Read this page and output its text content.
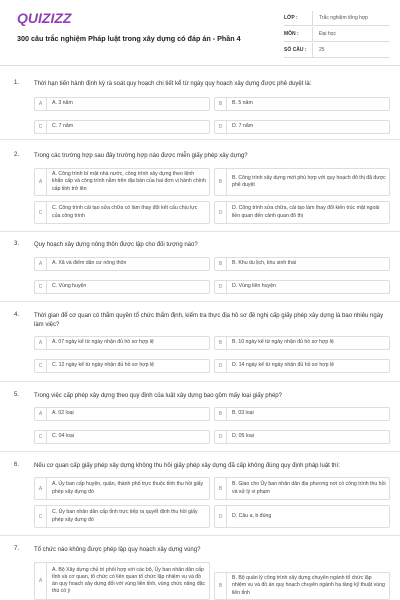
QUIZIZZ
300 câu trắc nghiệm Pháp luật trong xây dựng có đáp án - Phần 4
LỚP :	Trắc nghiệm tổng hợp
MÔN :	Đại học
SỐ CÂU :	25
1. Thời hạn tiến hành định kỳ rà soát quy hoạch chi tiết kể từ ngày quy hoạch xây dựng được phê duyệt là:
A	A. 3 năm	B	B. 5 năm
C	C. 7 năm	D	D. 7 năm
2. Trong các trường hợp sau đây trường hợp nào được miễn giấy phép xây dựng?
A
A. Công trình bí mật nhà nước, công trình xây dựng theo lệnh khẩn cấp và công trình nằm trên địa bàn của hai đơn vị hành chính cấp tỉnh trở lên
B
B. Công trình xây dựng mới phù hợp với quy hoạch đô thị đã được phê duyệt
C
C. Công trình cải tạo sửa chữa có làm thay đổi kết cấu chịu lực của công trình	D
D. Công trình sửa chữa, cải tạo làm thay đổi kiến trúc mặt ngoài liền quan đến cảnh quan đô thị
3. Quy hoạch xây dựng nông thôn được lập cho đối tượng nào?
A	A. Xã và điểm dân cư nông thôn	B	B. Khu du lịch, khu sinh thái
C	C. Vùng huyện	D	D. Vùng liên huyện
4. Thời gian để cơ quan có thẩm quyền tổ chức thẩm định, kiểm tra thực địa hồ sơ đề nghị cấp giấy phép xây dựng là bao nhiêu ngày làm việc?
A	A. 07 ngày kể từ ngày nhận đủ hồ sơ hợp lệ	B	B. 10 ngày kể từ ngày nhận đủ hồ sơ hợp lệ
C	C. 12 ngày kể từ ngày nhận đủ hồ sơ hợp lệ	D	D. 14 ngày kể từ ngày nhận đủ hồ sơ hợp lệ
5. Trong việc cấp phép xây dựng theo quy định của luật xây dựng bao gồm mấy loại giấy phép?
A	A. 02 loại	B	B. 03 loại
C	C. 04 loại	D	D. 05 loại
6. Nếu cơ quan cấp giấy phép xây dựng không thu hồi giấy phép xây dựng đã cấp không đúng quy định pháp luật thì:
A
A. Ủy ban cấp huyện, quận, thành phố trực thuộc tỉnh thu hồi giấy phép xây dựng đó	B
B. Giao cho Ủy ban nhân dân địa phương nơi có công trình thu hồi và xử lý vi phạm
C
C. Ủy ban nhân dân cấp tỉnh trực tiếp ra quyết định thu hồi giấy phép xây dựng đó	D	D. Câu a, b đúng
7. Tổ chức nào không được phép lập quy hoạch xây dựng vùng?
A
A. Bộ Xây dựng chủ trì phối hợp với các bộ, Ủy ban nhân dân cấp tỉnh và cơ quan, tổ chức có liên quan tổ chức lập nhiệm vụ và đồ án quy hoạch xây dựng đối với vùng liên tỉnh, vùng chức năng đặc thù có ý
B
B. Bộ quản lý công trình xây dựng chuyên ngành tổ chức lập nhiệm vụ và đồ án quy hoạch chuyên ngành hạ tầng kỹ thuật vùng liên tỉnh
